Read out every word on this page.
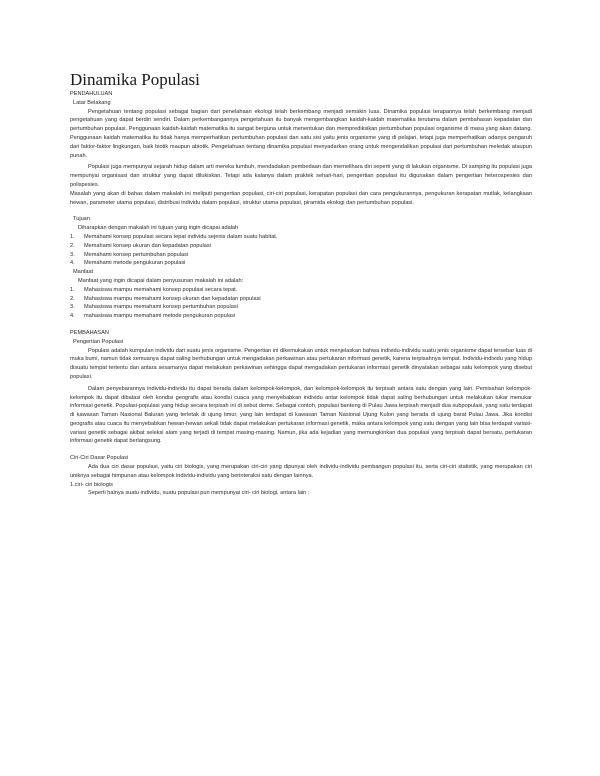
Dinamika Populasi
PENDAHULUAN
Latar Belakang

Pengetahuan tentang populasi sebagai bagian dari penelahaan ekologi telah berkembang menjadi semakin luas. Dinamika populasi terapannya telah berkembang menjadi pengetahuan yang dapat berdiri sendiri. Dalam perkembangannya pengetahuan itu banyak mengembangkan kaidah-kaidah matematika terutama dalam pembahasan kepadatan dan pertumbuhan populasi. Penggunaan kaidah-kaidah matematika itu sangat berguna untuk menentukan dan memprediksikan pertumbuhan populasi organisme di masa yang akan datang. Penggunaan kaidah matematika itu tidak hanya memperhatikan pertumbuhan populasi dan satu sisi yaitu jenis organisme yang di pelajari, tetapi juga memperhatikan adanya pengaruh dari faktor-faktor lingkungan, baik biotik maupun abiotik. Pengetahuan tentang dinamika populasi menyadarkan orang untuk mengendalikan populasi dari pertumbuhan meledak ataupun punah.

Populasi juga mempunyai sejarah hidup dalam arti mereka tumbuh, mendadakan pembedaan dan memelihara diri seperti yang di lakukan organisme. Di samping itu populasi juga mempunyai organisasi dan struktur yang dapat dilukiskan. Tetapi ada kalanya dalam praktek sehari-hari, pengertian populasi itu digunakan dalam pengertian heterospesies dan polispesies.

Masalah yang akan di bahas dalam makalah ini meliputi pengertian populasi, ciri-ciri populasi, kerapatan populasi dan cara pengukurannya, pengukuran kerapatan mutlak, kelangkaan hewan, parameter utama populasi, distribusi individu dalam populasi, struktur utama populasi, piramida ekologi dan pertumbuhan populasi.

Tujuan
Diharapkan dengan makalah ini tujuan yang ingin dicapai adalah
1.	Memahami konsep populasi secara tepat individu sejenis dalam suatu habitat.
2.	Memahami konsep ukuran dan kepadatan populasi
3.	Memahami konsep pertumbuhan populasi
4.	Memahami metode pengukuran populasi
Manfaat
Manfaat yang ingin dicapai dalam penyusunan makalah ini adalah:
1.	Mahasiswa mampu memahami konsep populasi secara tepat.
2.	Mahasiswa mampu memahami konsep ukuran dan kepadatan populasi
3.	Mahasiswa mampu memahami konsep pertumbuhan populasi
4.	mahasiswa mampu memahami metode pengukuran populasi
PEMBAHASAN
Pengertian Populasi

Populasi adalah kumpulan individu dari suatu jenis organisme. Pengertian ini dikemukakan untuk menjelaskan bahwa individu-individu suatu jenis organisme dapat tersebar luas di muka bumi, namun tidak semuanya dapat saling berhubungan untuk mengadakan perkawinan atau pertukaran informasi genetik, karena terpisahnya tempat. Individu-individu yang hidup disuatu tempat tertentu dan antara sesamanya dapat melakukan perkawinan sehingga dapat mengadakan pertukaran informasi genetik dinyatakan sebagai satu kelompok yang disebut populasi.

Dalam penyebarannya individu-individu itu dapat berada dalam kelompok-kelompok, dan kelompok-kelompok itu terpisah antara satu dengan yang lain. Pemisahan kelompok-kelompok itu dapat dibatasi oleh kondisi geografis atau kondisi cuaca yang menyebabkan individu antar kelompok tidak dapat saling berhubungan untuk melakukan tukar menukar informasi genetik. Populasi-populasi yang hidup secara terpisah ini di sebut deme. Sebagai contoh, populasi banteng di Pulau Jawa terpisah menjadi dua subpopulasi, yang satu terdapat di kawasan Taman Nasional Baluran yang terletak di ujung timur, yang lain terdapat di kawasan Taman Nasional Ujung Kulon yang berada di ujung barat Pulau Jawa. Jika kondisi geografis atau cuaca itu menyebabkan hewan-hewan sekali tidak dapat melakukan pertukaran informasi genetik, maka antara kelompok yang satu dengan yang lain bisa terdapat variasi-variasi genetik sebagai akibat seleksi alam yang terjadi di tempat masing-masing. Namun, jika ada kejadian yang memungkinkan dua populasi yang terpisah dapat bersatu, pertukaran informasi genetik dapat berlangsung.

Ciri-Ciri Dasar Populasi

Ada dua ciri dasar populasi, yaitu ciri biologis, yang merupakan ciri-ciri yang dipunyai oleh individu-individu pembangun populasi itu, serta ciri-ciri statistik, yang merupakan ciri uniknya sebagai himpunan atau kelompok individu-individu yang berinteraksi satu dengan lainnya.

1.ciri- ciri biologis
Seperti halnya suatu individu, suatu populasi pun mempunyai ciri- ciri biologi, antara lain :
